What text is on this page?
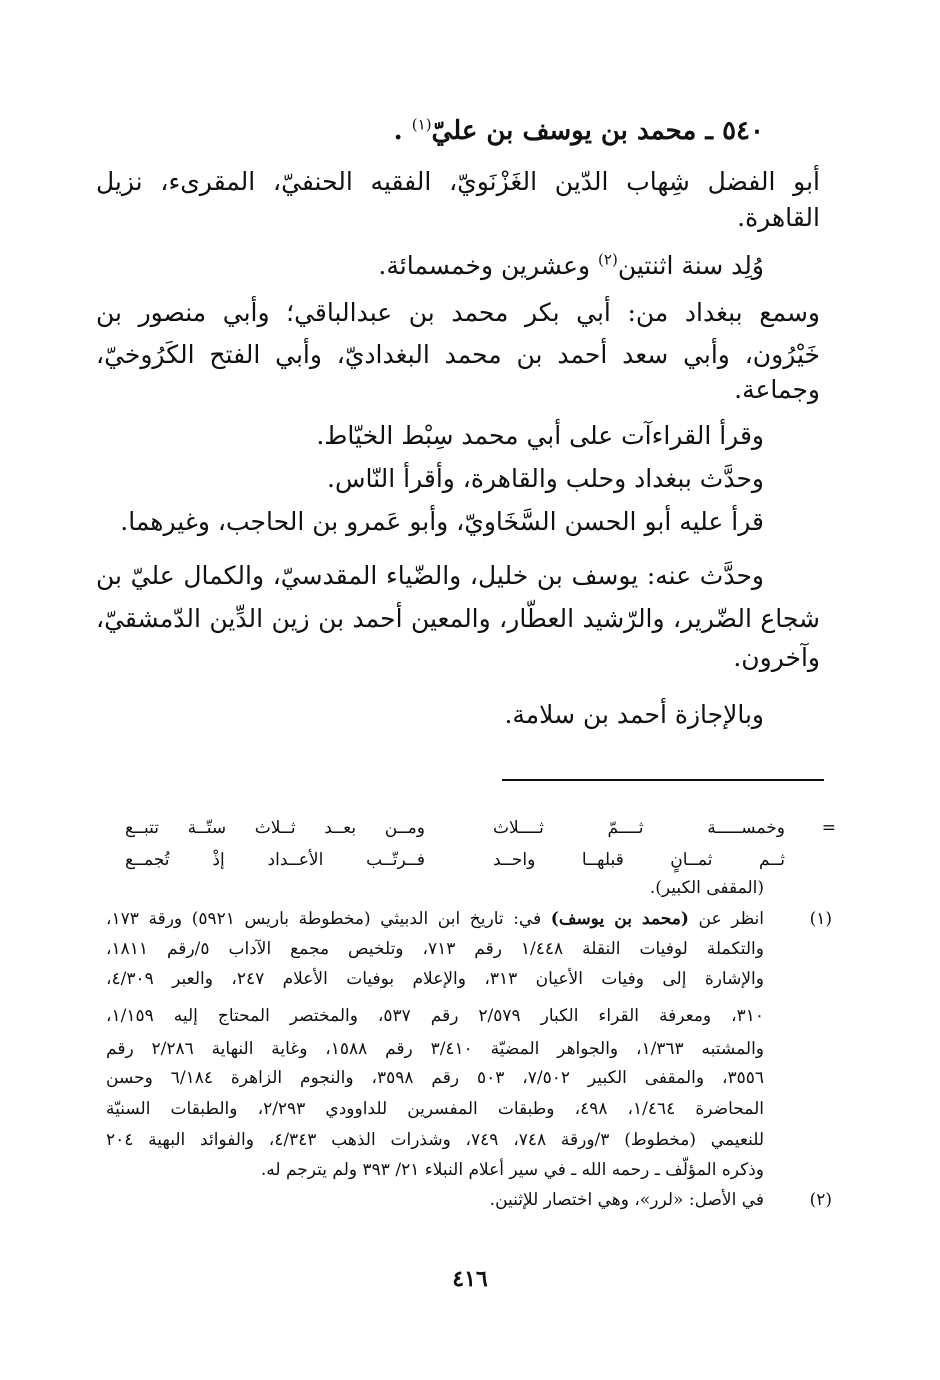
٥٤٠ ـ محمد بن يوسف بن عليّ$^{(١)}$ .
أبو الفضل شِهاب الدّين الغَزْنَويّ، الفقيه الحنفيّ، المقرىء، نزيل
القاهرة.
وُلِد سنة اثنتين$^{(٢)}$ وعشرين وخمسمائة.
وسمع ببغداد من: أبي بكر محمد بن عبدالباقي؛ وأبي منصور بن
خَيْرُون، وأبي سعد أحمد بن محمد البغداديّ، وأبي الفتح الكَرُوخيّ،
وجماعة.
وقرأ القراءآت على أبي محمد سِبْط الخيّاط.
وحدَّث ببغداد وحلب والقاهرة، وأقرأ النّاس.
قرأ عليه أبو الحسن السَّخَاويّ، وأبو عَمرو بن الحاجب، وغيرهما.
وحدَّث عنه: يوسف بن خليل، والضّياء المقدسيّ، والكمال عليّ بن
شجاع الضّرير، والرّشيد العطّار، والمعين أحمد بن زين الدِّين الدّمشقيّ،
وآخرون.
وبالإجازة أحمد بن سلامة.
=
وخمســـــة ثــــمّ ثــــلاث
ومــن بعــد ثــلاث ستّــة تتبــع
ثــم ثمــانٍ قبلهــا واحــد
فــرتّــب الأعــداد إذْ تُجمــع
(المقفى الكبير).
(١)
انظر عن (محمد بن يوسف) في: تاريخ ابن الدبيثي (مخطوطة باريس ٥٩٢١) ورقة ١٧٣،
والتكملة لوفيات النقلة ١/٤٤٨ رقم ٧١٣، وتلخيص مجمع الآداب ٥/رقم ١٨١١،
والإشارة إلى وفيات الأعيان ٣١٣، والإعلام بوفيات الأعلام ٢٤٧، والعبر ٤/٣٠٩،
٣١٠، ومعرفة القراء الكبار ٢/٥٧٩ رقم ٥٣٧، والمختصر المحتاج إليه ١/١٥٩،
والمشتبه ١/٣٦٣، والجواهر المضيّة ٣/٤١٠ رقم ١٥٨٨، وغاية النهاية ٢/٢٨٦ رقم
٣٥٥٦، والمقفى الكبير ٧/٥٠٢، ٥٠٣ رقم ٣٥٩٨، والنجوم الزاهرة ٦/١٨٤ وحسن
المحاضرة ١/٤٦٤، ٤٩٨، وطبقات المفسرين للداوودي ٢/٢٩٣، والطبقات السنيّة
للنعيمي (مخطوط) ٣/ورقة ٧٤٨، ٧٤٩، وشذرات الذهب ٤/٣٤٣، والفوائد البهية ٢٠٤
وذكره المؤلّف ـ رحمه الله ـ في سير أعلام النبلاء ٢١/ ٣٩٣ ولم يترجم له.
(٢)
في الأصل: «لرر»، وهي اختصار للإثنين.
٤١٦
